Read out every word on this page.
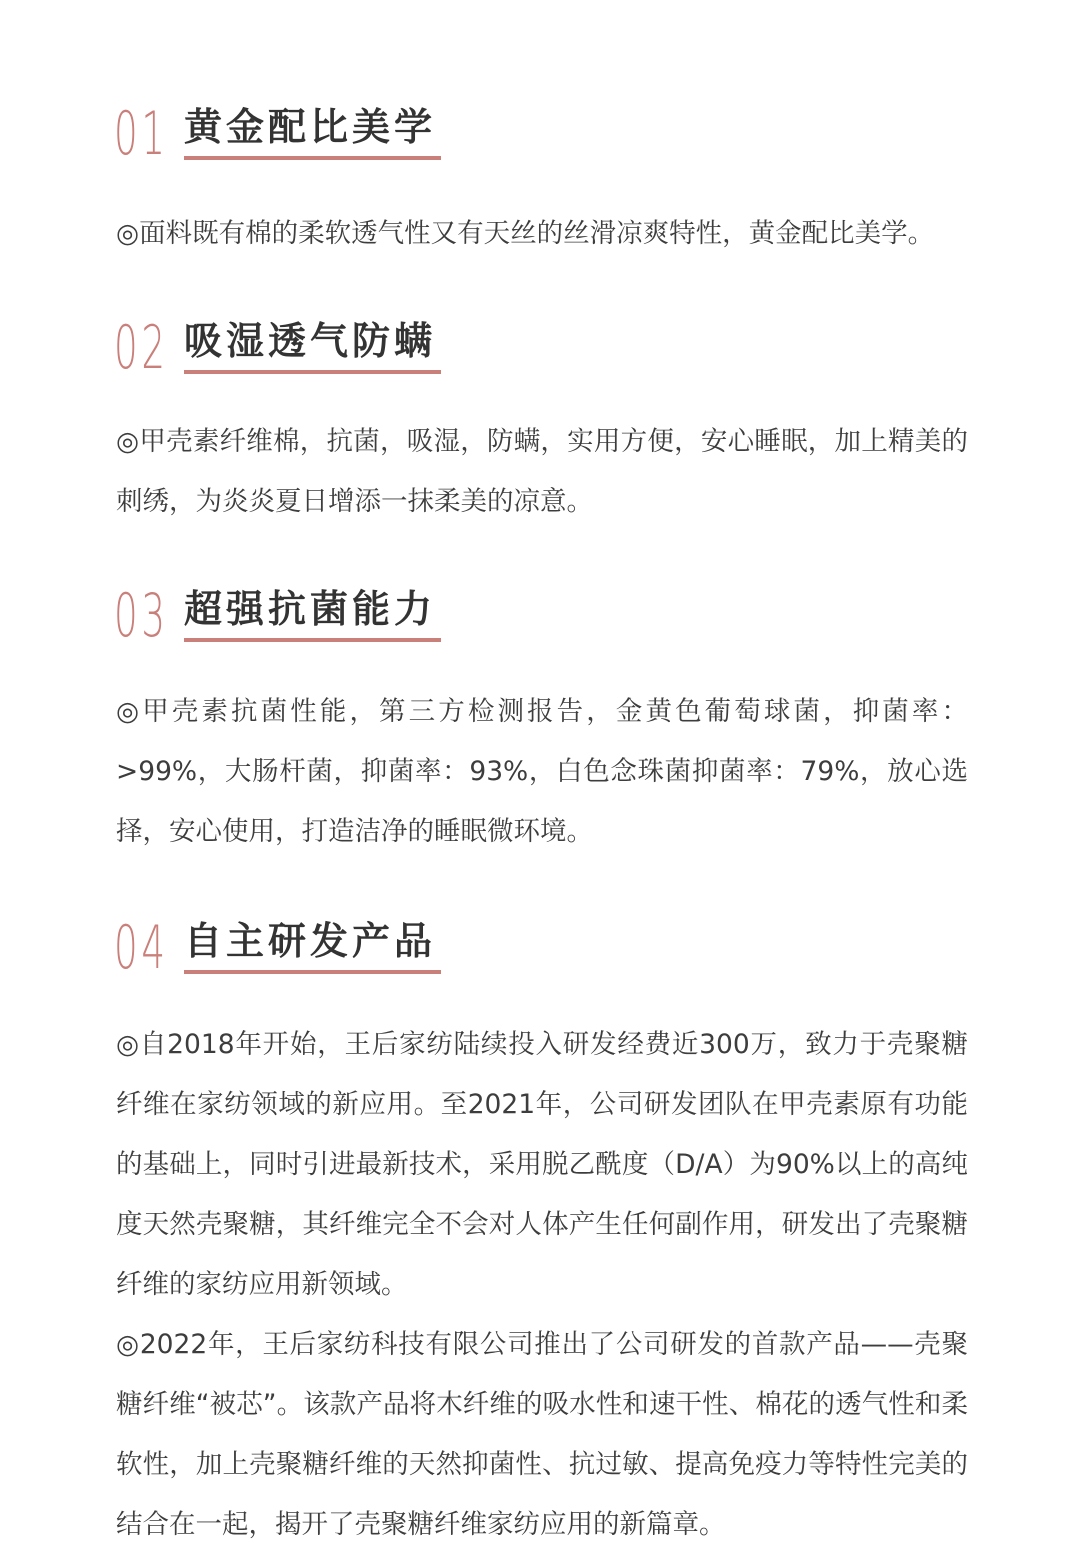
01 黄金配比美学

◎面料既有棉的柔软透气性又有天丝的丝滑凉爽特性，黄金配比美学。

02 吸湿透气防螨

◎甲壳素纤维棉，抗菌，吸湿，防螨，实用方便，安心睡眠，加上精美的刺绣，为炎炎夏日增添一抹柔美的凉意。

03 超强抗菌能力

◎甲壳素抗菌性能，第三方检测报告，金黄色葡萄球菌，抑菌率：>99%，大肠杆菌，抑菌率：93%，白色念珠菌抑菌率：79%，放心选择，安心使用，打造洁净的睡眠微环境。

04 自主研发产品

◎自2018年开始，王后家纺陆续投入研发经费近300万，致力于壳聚糖纤维在家纺领域的新应用。至2021年，公司研发团队在甲壳素原有功能的基础上，同时引进最新技术，采用脱乙酰度（D/A）为90%以上的高纯度天然壳聚糖，其纤维完全不会对人体产生任何副作用，研发出了壳聚糖纤维的家纺应用新领域。

◎2022年，王后家纺科技有限公司推出了公司研发的首款产品——壳聚糖纤维“被芯”。该款产品将木纤维的吸水性和速干性、棉花的透气性和柔软性，加上壳聚糖纤维的天然抑菌性、抗过敏、提高免疫力等特性完美的结合在一起，揭开了壳聚糖纤维家纺应用的新篇章。
